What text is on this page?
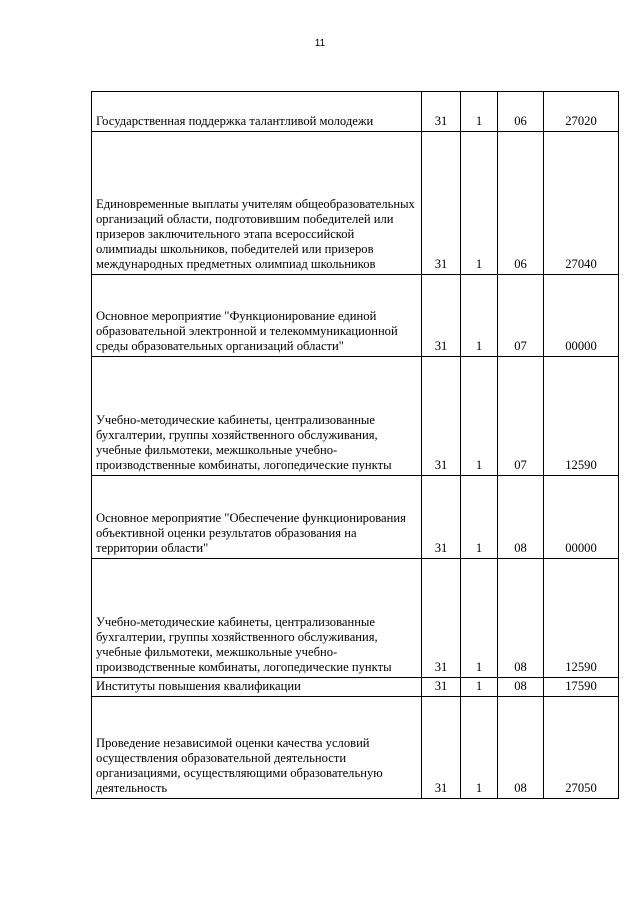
11
Государственная поддержка талантливой молодежи	31	1	06	27020
Единовременные выплаты учителям общеобразовательных организаций области, подготовившим победителей или призеров заключительного этапа всероссийской олимпиады школьников, победителей или призеров международных предметных олимпиад школьников	31	1	06	27040
Основное мероприятие "Функционирование единой образовательной электронной и телекоммуникационной среды образовательных организаций области"	31	1	07	00000
Учебно-методические кабинеты, централизованные бухгалтерии, группы хозяйственного обслуживания, учебные фильмотеки, межшкольные учебно-производственные комбинаты, логопедические пункты	31	1	07	12590
Основное мероприятие "Обеспечение функционирования объективной оценки результатов образования на территории области"	31	1	08	00000
Учебно-методические кабинеты, централизованные бухгалтерии, группы хозяйственного обслуживания, учебные фильмотеки, межшкольные учебно-производственные комбинаты, логопедические пункты	31	1	08	12590
Институты повышения квалификации	31	1	08	17590
Проведение независимой оценки качества условий осуществления образовательной деятельности организациями, осуществляющими образовательную деятельность	31	1	08	27050
